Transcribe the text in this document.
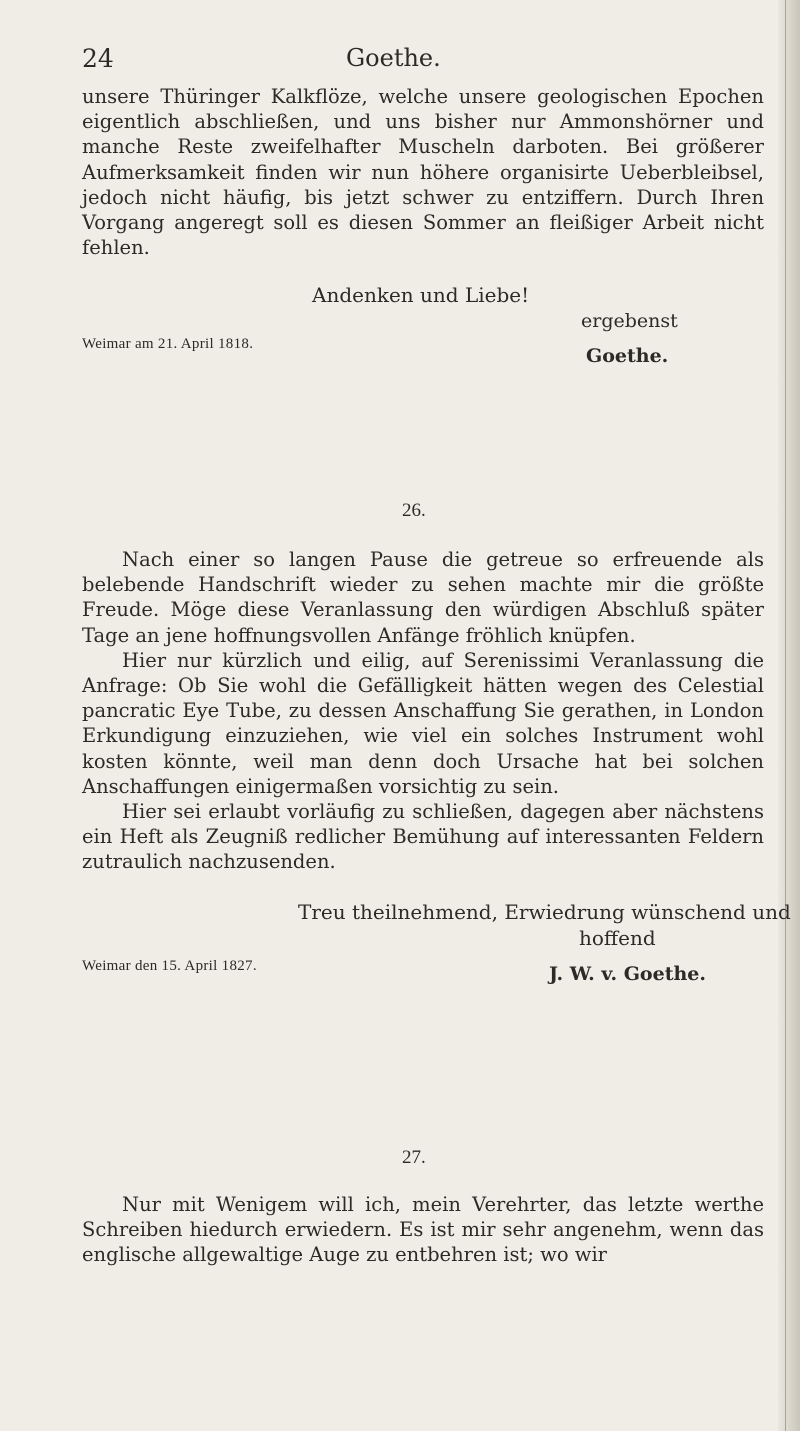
24	Goethe.

unsere Thüringer Kalkflöze, welche unsere geologischen Epochen eigentlich abschließen, und uns bisher nur Ammonshörner und manche Reste zweifelhafter Muscheln darboten. Bei größerer Aufmerksamkeit finden wir nun höhere organisirte Ueberbleibsel, jedoch nicht häufig, bis jetzt schwer zu entziffern. Durch Ihren Vorgang angeregt soll es diesen Sommer an fleißiger Arbeit nicht fehlen.

Andenken und Liebe!
Weimar am 21. April 1818.
ergebenst
Goethe.
26.

Nach einer so langen Pause die getreue so erfreuende als belebende Handschrift wieder zu sehen machte mir die größte Freude. Möge diese Veranlassung den würdigen Abschluß später Tage an jene hoffnungsvollen Anfänge fröhlich knüpfen.

Hier nur kürzlich und eilig, auf Serenissimi Veranlassung die Anfrage: Ob Sie wohl die Gefälligkeit hätten wegen des Celestial pancratic Eye Tube, zu dessen Anschaffung Sie gerathen, in London Erkundigung einzuziehen, wie viel ein solches Instrument wohl kosten könnte, weil man denn doch Ursache hat bei solchen Anschaffungen einigermaßen vorsichtig zu sein.

Hier sei erlaubt vorläufig zu schließen, dagegen aber nächstens ein Heft als Zeugniß redlicher Bemühung auf interessanten Feldern zutraulich nachzusenden.

Treu theilnehmend, Erwiedrung wünschend und
hoffend
Weimar den 15. April 1827.	J. W. v. Goethe.
27.

Nur mit Wenigem will ich, mein Verehrter, das letzte werthe Schreiben hiedurch erwiedern. Es ist mir sehr angenehm, wenn das englische allgewaltige Auge zu entbehren ist; wo wir
